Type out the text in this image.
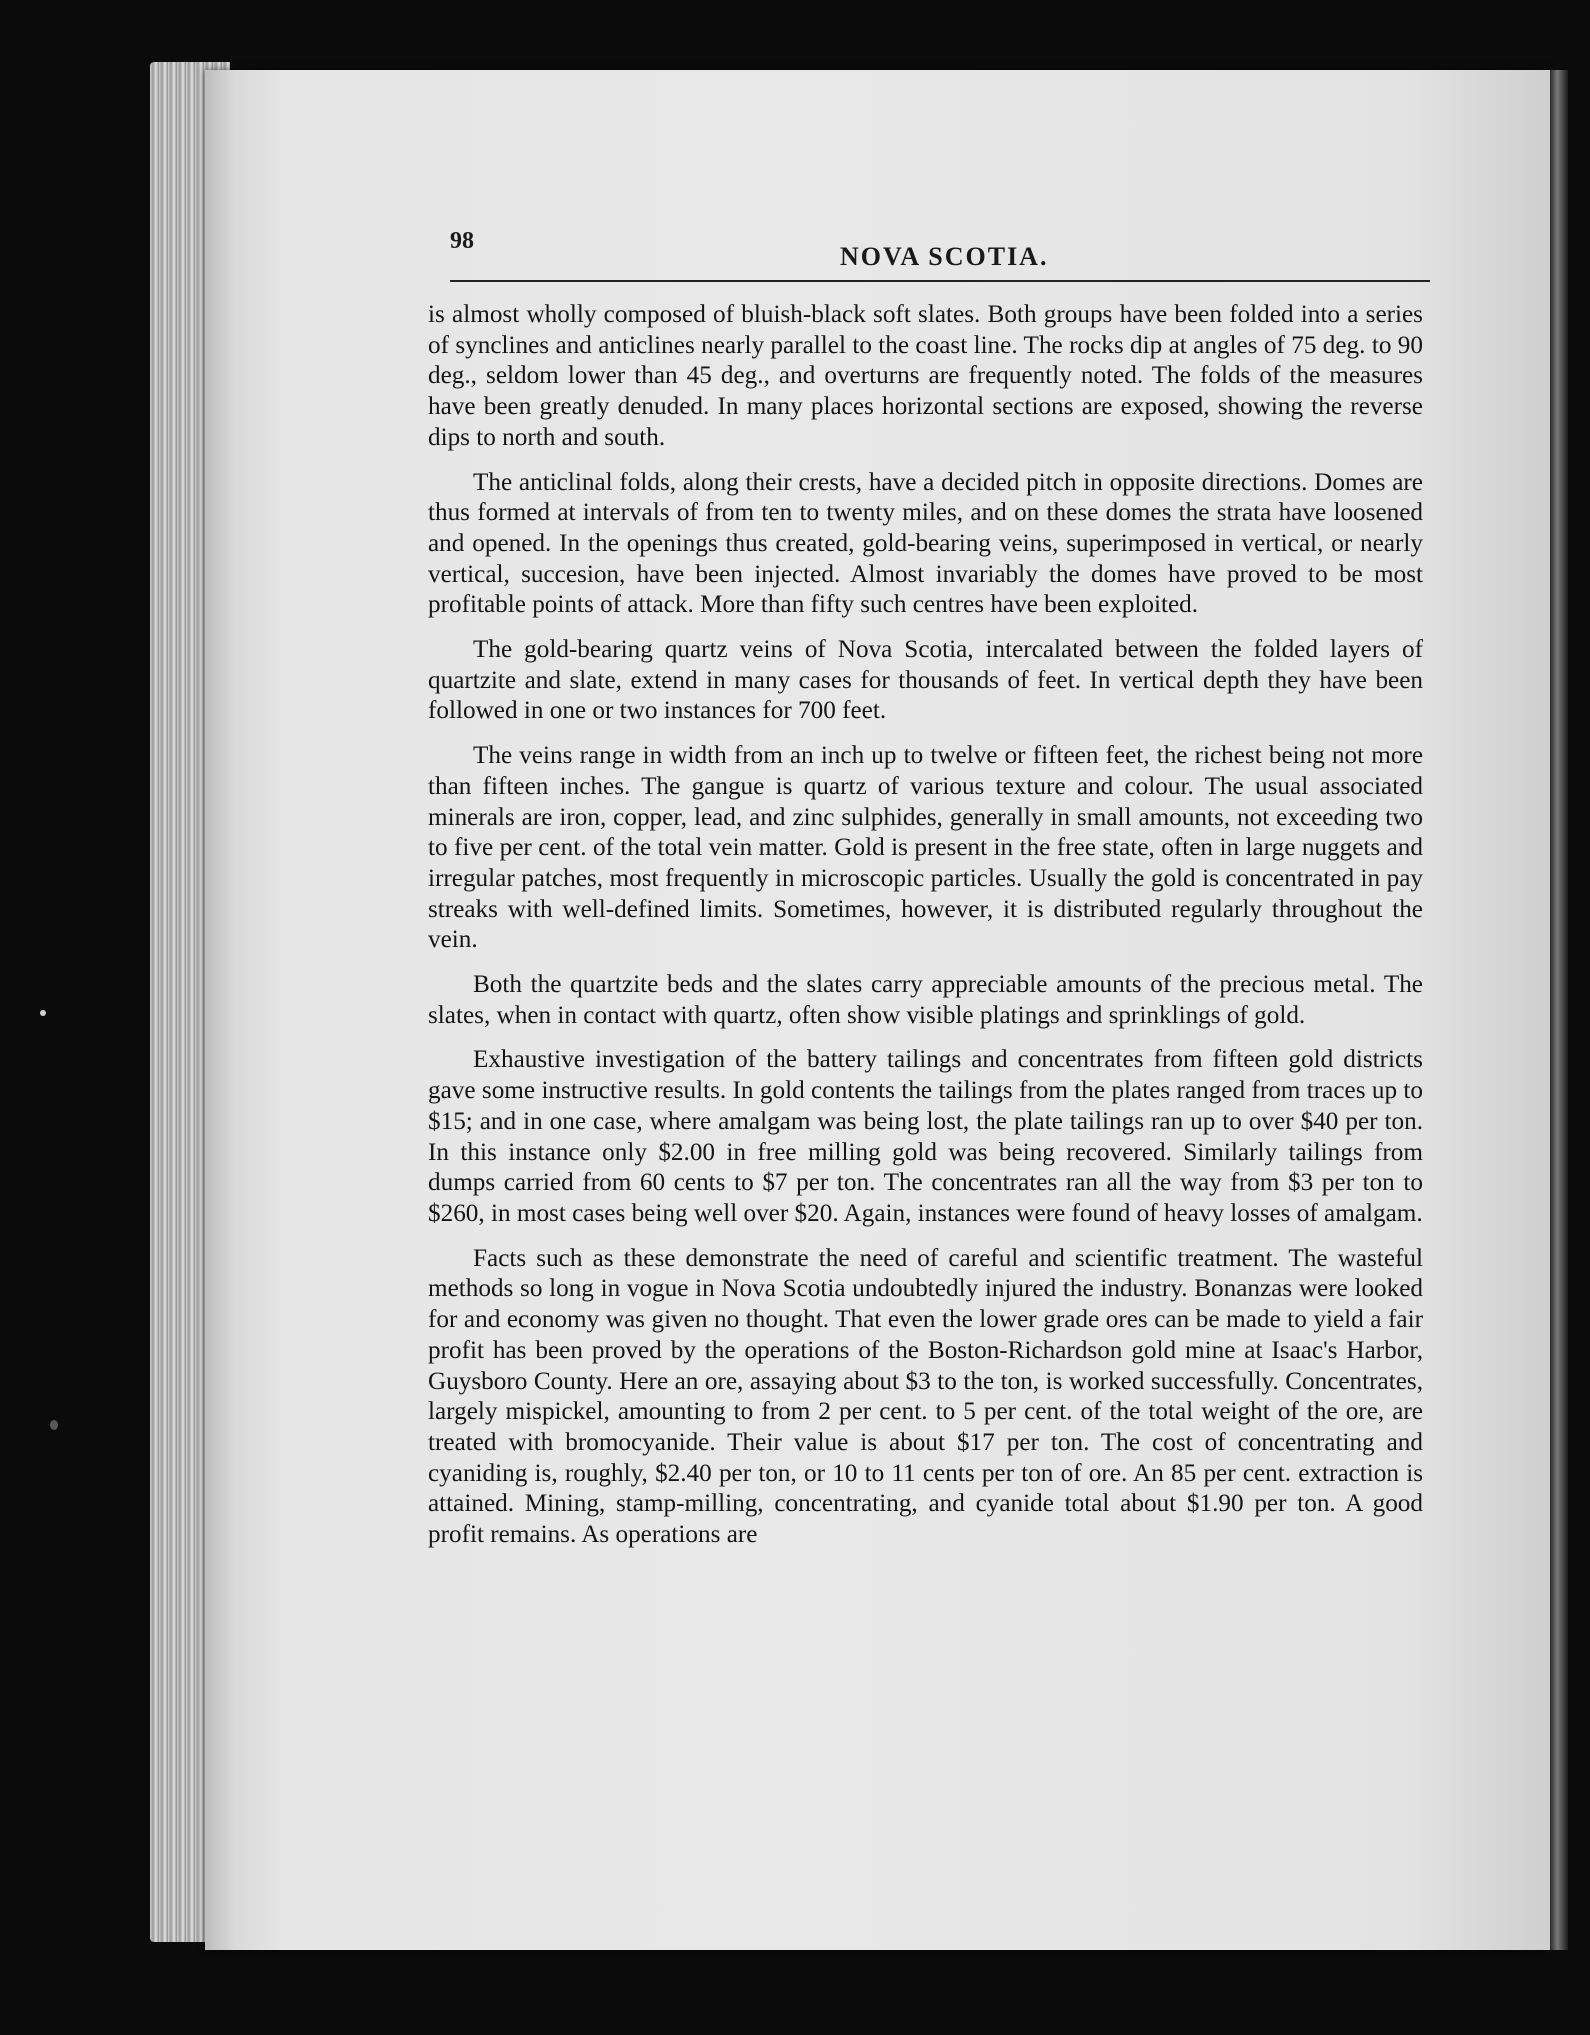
98
NOVA SCOTIA.

is almost wholly composed of bluish-black soft slates. Both groups have been folded into a series of synclines and anticlines nearly parallel to the coast line. The rocks dip at angles of 75 deg. to 90 deg., seldom lower than 45 deg., and overturns are frequently noted. The folds of the measures have been greatly denuded. In many places horizontal sections are exposed, showing the reverse dips to north and south.

The anticlinal folds, along their crests, have a decided pitch in opposite directions. Domes are thus formed at intervals of from ten to twenty miles, and on these domes the strata have loosened and opened. In the openings thus created, gold-bearing veins, superimposed in vertical, or nearly vertical, succesion, have been injected. Almost invariably the domes have proved to be most profitable points of attack. More than fifty such centres have been exploited.

The gold-bearing quartz veins of Nova Scotia, intercalated between the folded layers of quartzite and slate, extend in many cases for thousands of feet. In vertical depth they have been followed in one or two instances for 700 feet.

The veins range in width from an inch up to twelve or fifteen feet, the richest being not more than fifteen inches. The gangue is quartz of various texture and colour. The usual associated minerals are iron, copper, lead, and zinc sulphides, generally in small amounts, not exceeding two to five per cent. of the total vein matter. Gold is present in the free state, often in large nuggets and irregular patches, most frequently in microscopic particles. Usually the gold is concentrated in pay streaks with well-defined limits. Sometimes, however, it is distributed regularly throughout the vein.

Both the quartzite beds and the slates carry appreciable amounts of the precious metal. The slates, when in contact with quartz, often show visible platings and sprinklings of gold.

Exhaustive investigation of the battery tailings and concentrates from fifteen gold districts gave some instructive results. In gold contents the tailings from the plates ranged from traces up to $15; and in one case, where amalgam was being lost, the plate tailings ran up to over $40 per ton. In this instance only $2.00 in free milling gold was being recovered. Similarly tailings from dumps carried from 60 cents to $7 per ton. The concentrates ran all the way from $3 per ton to $260, in most cases being well over $20. Again, instances were found of heavy losses of amalgam.

Facts such as these demonstrate the need of careful and scientific treatment. The wasteful methods so long in vogue in Nova Scotia undoubtedly injured the industry. Bonanzas were looked for and economy was given no thought. That even the lower grade ores can be made to yield a fair profit has been proved by the operations of the Boston-Richardson gold mine at Isaac's Harbor, Guysboro County. Here an ore, assaying about $3 to the ton, is worked successfully. Concentrates, largely mispickel, amounting to from 2 per cent. to 5 per cent. of the total weight of the ore, are treated with bromocyanide. Their value is about $17 per ton. The cost of concentrating and cyaniding is, roughly, $2.40 per ton, or 10 to 11 cents per ton of ore. An 85 per cent. extraction is attained. Mining, stamp-milling, concentrating, and cyanide total about $1.90 per ton. A good profit remains. As operations are
